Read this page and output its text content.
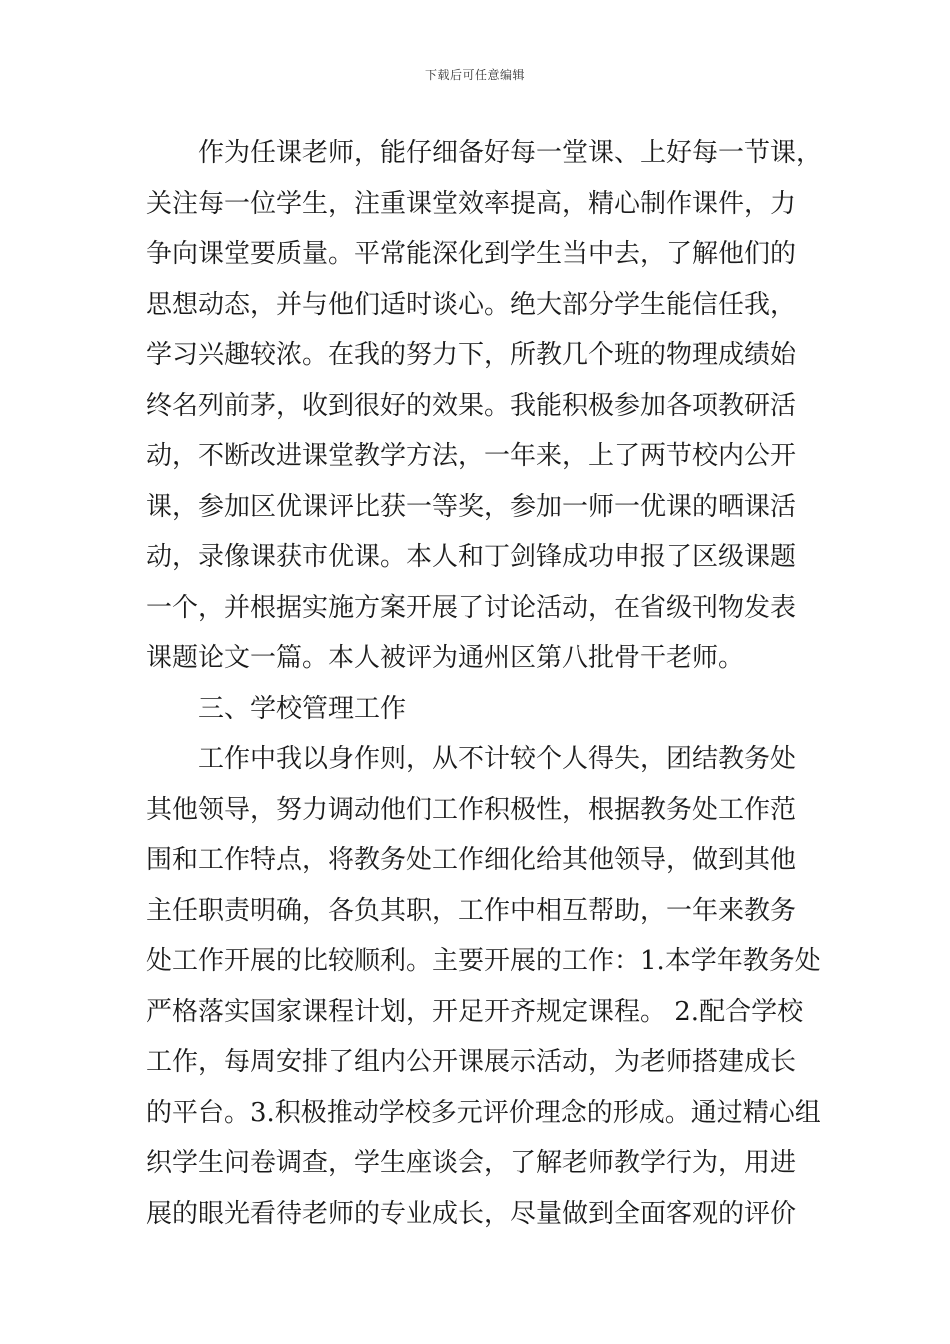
下载后可任意编辑
作为任课老师，能仔细备好每一堂课、上好每一节课，
关注每一位学生，注重课堂效率提高，精心制作课件，力
争向课堂要质量。平常能深化到学生当中去，了解他们的
思想动态，并与他们适时谈心。绝大部分学生能信任我，
学习兴趣较浓。在我的努力下，所教几个班的物理成绩始
终名列前茅，收到很好的效果。我能积极参加各项教研活
动，不断改进课堂教学方法，一年来，上了两节校内公开
课，参加区优课评比获一等奖，参加一师一优课的晒课活
动，录像课获市优课。本人和丁剑锋成功申报了区级课题
一个，并根据实施方案开展了讨论活动，在省级刊物发表
课题论文一篇。本人被评为通州区第八批骨干老师。
三、学校管理工作
工作中我以身作则，从不计较个人得失，团结教务处
其他领导，努力调动他们工作积极性，根据教务处工作范
围和工作特点，将教务处工作细化给其他领导，做到其他
主任职责明确，各负其职，工作中相互帮助，一年来教务
处工作开展的比较顺利。主要开展的工作：1.本学年教务处
严格落实国家课程计划，开足开齐规定课程。 2.配合学校
工作，每周安排了组内公开课展示活动，为老师搭建成长
的平台。3.积极推动学校多元评价理念的形成。通过精心组
织学生问卷调查，学生座谈会，了解老师教学行为，用进
展的眼光看待老师的专业成长，尽量做到全面客观的评价
